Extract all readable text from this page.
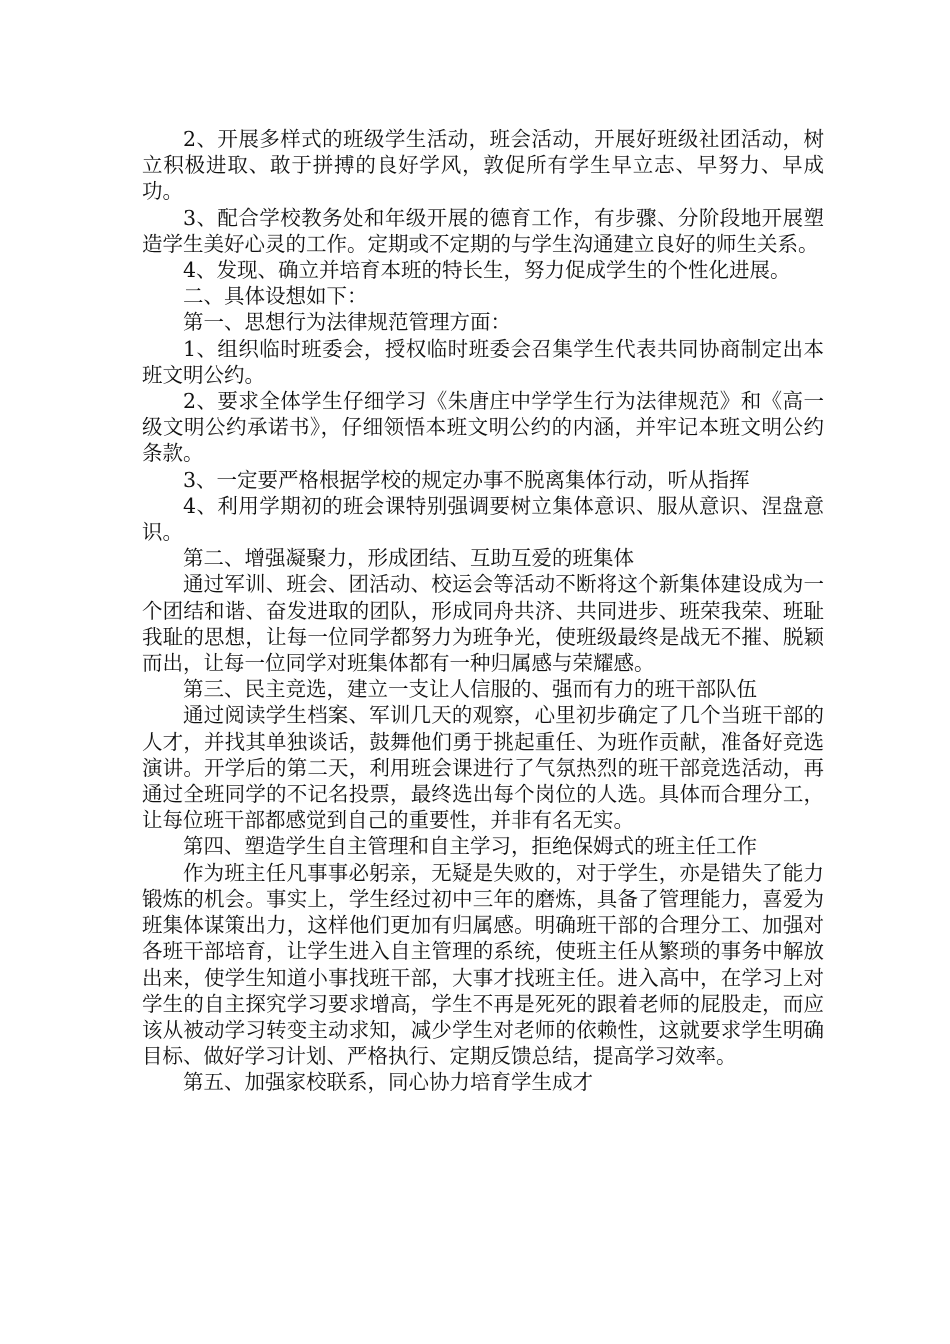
2、开展多样式的班级学生活动，班会活动，开展好班级社团活动，树立积极进取、敢于拼搏的良好学风，敦促所有学生早立志、早努力、早成功。

3、配合学校教务处和年级开展的德育工作，有步骤、分阶段地开展塑造学生美好心灵的工作。定期或不定期的与学生沟通建立良好的师生关系。

4、发现、确立并培育本班的特长生，努力促成学生的个性化进展。

二、具体设想如下：

第一、思想行为法律规范管理方面：

1、组织临时班委会，授权临时班委会召集学生代表共同协商制定出本班文明公约。

2、要求全体学生仔细学习《朱唐庄中学学生行为法律规范》和《高一级文明公约承诺书》，仔细领悟本班文明公约的内涵，并牢记本班文明公约条款。

3、一定要严格根据学校的规定办事不脱离集体行动，听从指挥

4、利用学期初的班会课特别强调要树立集体意识、服从意识、涅盘意识。

第二、增强凝聚力，形成团结、互助互爱的班集体

通过军训、班会、团活动、校运会等活动不断将这个新集体建设成为一个团结和谐、奋发进取的团队，形成同舟共济、共同进步、班荣我荣、班耻我耻的思想，让每一位同学都努力为班争光，使班级最终是战无不摧、脱颖而出，让每一位同学对班集体都有一种归属感与荣耀感。

第三、民主竞选，建立一支让人信服的、强而有力的班干部队伍

通过阅读学生档案、军训几天的观察，心里初步确定了几个当班干部的人才，并找其单独谈话，鼓舞他们勇于挑起重任、为班作贡献，准备好竞选演讲。开学后的第二天，利用班会课进行了气氛热烈的班干部竞选活动，再通过全班同学的不记名投票，最终选出每个岗位的人选。具体而合理分工，让每位班干部都感觉到自己的重要性，并非有名无实。

第四、塑造学生自主管理和自主学习，拒绝保姆式的班主任工作

作为班主任凡事事必躬亲，无疑是失败的，对于学生，亦是错失了能力锻炼的机会。事实上，学生经过初中三年的磨炼，具备了管理能力，喜爱为班集体谋策出力，这样他们更加有归属感。明确班干部的合理分工、加强对各班干部培育，让学生进入自主管理的系统，使班主任从繁琐的事务中解放出来，使学生知道小事找班干部，大事才找班主任。进入高中，在学习上对学生的自主探究学习要求增高，学生不再是死死的跟着老师的屁股走，而应该从被动学习转变主动求知，减少学生对老师的依赖性，这就要求学生明确目标、做好学习计划、严格执行、定期反馈总结，提高学习效率。

第五、加强家校联系，同心协力培育学生成才
